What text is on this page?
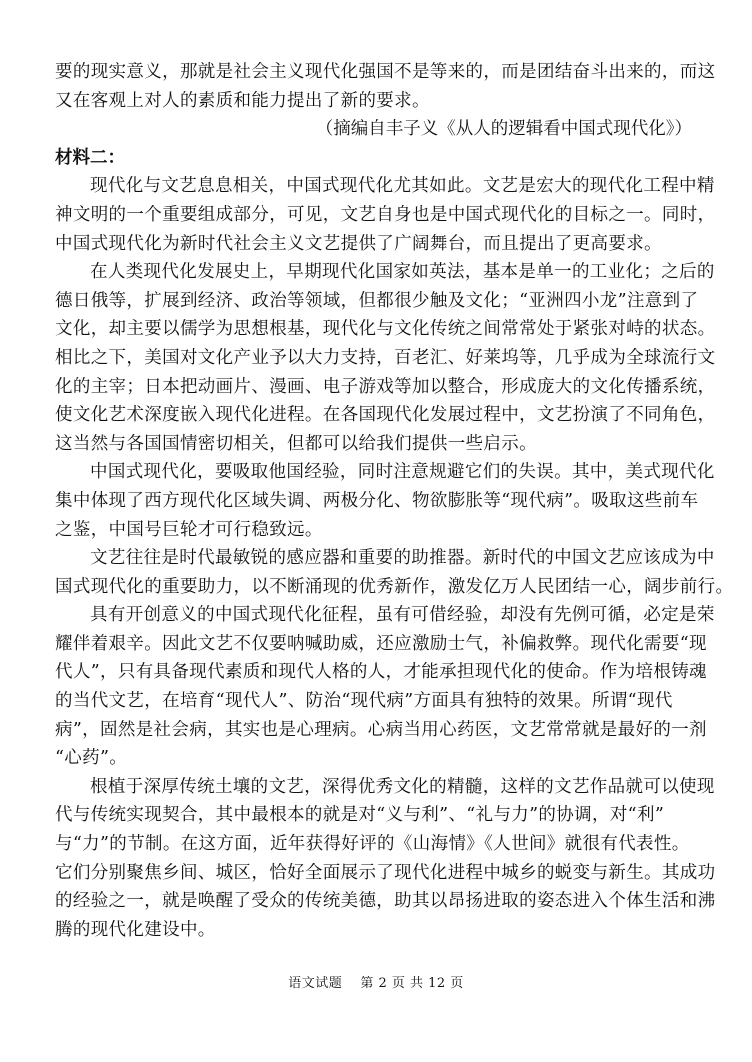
要的现实意义，那就是社会主义现代化强国不是等来的，而是团结奋斗出来的，而这
又在客观上对人的素质和能力提出了新的要求。
（摘编自丰子义《从人的逻辑看中国式现代化》）
材料二：
现代化与文艺息息相关，中国式现代化尤其如此。文艺是宏大的现代化工程中精
神文明的一个重要组成部分，可见，文艺自身也是中国式现代化的目标之一。同时，
中国式现代化为新时代社会主义文艺提供了广阔舞台，而且提出了更高要求。
在人类现代化发展史上，早期现代化国家如英法，基本是单一的工业化；之后的
德日俄等，扩展到经济、政治等领域，但都很少触及文化；“亚洲四小龙”注意到了
文化，却主要以儒学为思想根基，现代化与文化传统之间常常处于紧张对峙的状态。
相比之下，美国对文化产业予以大力支持，百老汇、好莱坞等，几乎成为全球流行文
化的主宰；日本把动画片、漫画、电子游戏等加以整合，形成庞大的文化传播系统，
使文化艺术深度嵌入现代化进程。在各国现代化发展过程中，文艺扮演了不同角色，
这当然与各国国情密切相关，但都可以给我们提供一些启示。
中国式现代化，要吸取他国经验，同时注意规避它们的失误。其中，美式现代化
集中体现了西方现代化区域失调、两极分化、物欲膨胀等“现代病”。吸取这些前车
之鉴，中国号巨轮才可行稳致远。
文艺往往是时代最敏锐的感应器和重要的助推器。新时代的中国文艺应该成为中
国式现代化的重要助力，以不断涌现的优秀新作，激发亿万人民团结一心，阔步前行。
具有开创意义的中国式现代化征程，虽有可借经验，却没有先例可循，必定是荣
耀伴着艰辛。因此文艺不仅要呐喊助威，还应激励士气，补偏救弊。现代化需要“现
代人”，只有具备现代素质和现代人格的人，才能承担现代化的使命。作为培根铸魂
的当代文艺，在培育“现代人”、防治“现代病”方面具有独特的效果。所谓“现代
病”，固然是社会病，其实也是心理病。心病当用心药医，文艺常常就是最好的一剂
“心药”。
根植于深厚传统土壤的文艺，深得优秀文化的精髓，这样的文艺作品就可以使现
代与传统实现契合，其中最根本的就是对“义与利”、“礼与力”的协调，对“利”
与“力”的节制。在这方面，近年获得好评的《山海情》《人世间》就很有代表性。
它们分别聚焦乡间、城区，恰好全面展示了现代化进程中城乡的蜕变与新生。其成功
的经验之一，就是唤醒了受众的传统美德，助其以昂扬进取的姿态进入个体生活和沸
腾的现代化建设中。
语文试题　 第 2 页 共 12 页
